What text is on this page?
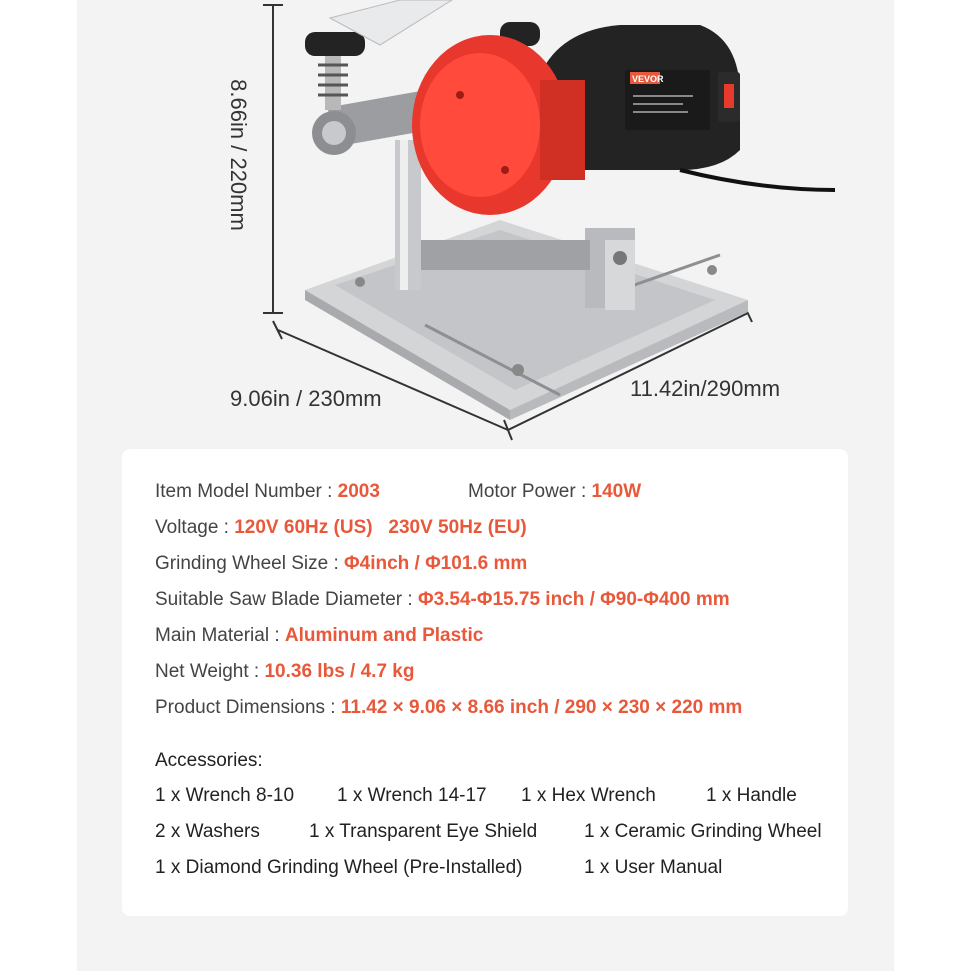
VEVOR
8.66in / 220mm
9.06in / 230mm	11.42in/290mm
Item Model Number : 2003	Motor Power : 140W
Voltage : 120V 60Hz (US)   230V 50Hz (EU)
Grinding Wheel Size : Φ4inch / Φ101.6 mm
Suitable Saw Blade Diameter : Φ3.54-Φ15.75 inch / Φ90-Φ400 mm
Main Material : Aluminum and Plastic
Net Weight : 10.36 lbs / 4.7 kg
Product Dimensions : 11.42 × 9.06 × 8.66 inch / 290 × 230 × 220 mm
Accessories:
1 x Wrench 8-10 1 x Wrench 14-17 1 x Hex Wrench	1 x Handle
2 x Washers	1 x Transparent Eye Shield 1 x Ceramic Grinding Wheel
1 x Diamond Grinding Wheel (Pre-Installed)	1 x User Manual
